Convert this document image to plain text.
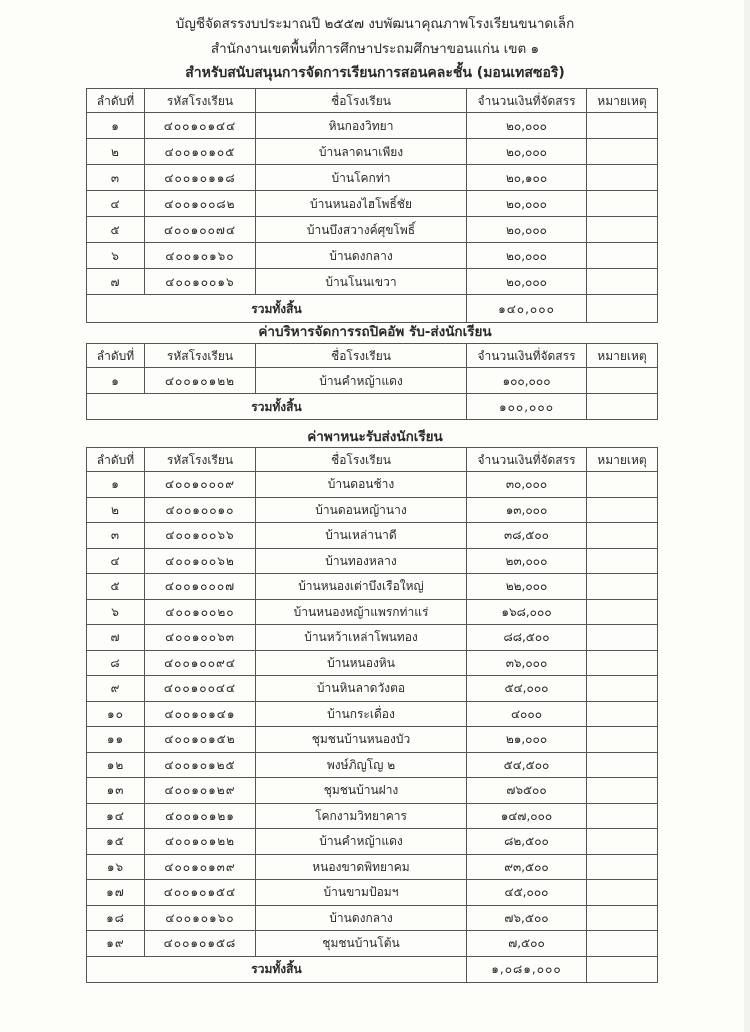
บัญชีจัดสรรงบประมาณปี ๒๕๕๗ งบพัฒนาคุณภาพโรงเรียนขนาดเล็ก
สำนักงานเขตพื้นที่การศึกษาประถมศึกษาขอนแก่น เขต ๑
สำหรับสนับสนุนการจัดการเรียนการสอนคละชั้น (มอนเทสซอริ)
ลำดับที่	รหัสโรงเรียน	ชื่อโรงเรียน	จำนวนเงินที่จัดสรร	หมายเหตุ
๑	๔๐๐๑๐๑๔๔	หินกองวิทยา	๒๐,๐๐๐	
๒	๔๐๐๑๐๑๐๕	บ้านลาดนาเพียง	๒๐,๐๐๐	
๓	๔๐๐๑๐๑๑๘	บ้านโคกท่า	๒๐,๑๐๐	
๔	๔๐๐๑๐๐๘๒	บ้านหนองไฮโพธิ์ชัย	๒๐,๐๐๐	
๕	๔๐๐๑๐๐๗๔	บ้านบึงสวางค์ศุขโพธิ์	๒๐,๐๐๐	
๖	๔๐๐๑๐๑๖๐	บ้านดงกลาง	๒๐,๐๐๐	
๗	๔๐๐๑๐๐๑๖	บ้านโนนเขวา	๒๐,๐๐๐	
รวมทั้งสิ้น			๑๔๐,๐๐๐	
ค่าบริหารจัดการรถปิคอัพ รับ-ส่งนักเรียน
ลำดับที่	รหัสโรงเรียน	ชื่อโรงเรียน	จำนวนเงินที่จัดสรร	หมายเหตุ
๑	๔๐๐๑๐๑๒๒	บ้านคำหญ้าแดง	๑๐๐,๐๐๐	
รวมทั้งสิ้น			๑๐๐,๐๐๐	
ค่าพาหนะรับส่งนักเรียน
ลำดับที่	รหัสโรงเรียน	ชื่อโรงเรียน	จำนวนเงินที่จัดสรร	หมายเหตุ
๑	๔๐๐๑๐๐๐๙	บ้านดอนช้าง	๓๐,๐๐๐	
๒	๔๐๐๑๐๐๑๐	บ้านดอนหญ้านาง	๑๓,๐๐๐	
๓	๔๐๐๑๐๐๖๖	บ้านเหล่านาดี	๓๘,๕๐๐	
๔	๔๐๐๑๐๐๖๒	บ้านทองหลาง	๒๓,๐๐๐	
๕	๔๐๐๑๐๐๐๗	บ้านหนองเต่าบึงเรือใหญ่	๒๒,๐๐๐	
๖	๔๐๐๑๐๐๒๐	บ้านหนองหญ้าแพรกท่าแร่	๑๖๘,๐๐๐	
๗	๔๐๐๑๐๐๖๓	บ้านหว้าเหล่าโพนทอง	๘๘,๕๐๐	
๘	๔๐๐๑๐๐๙๔	บ้านหนองหิน	๓๖,๐๐๐	
๙	๔๐๐๑๐๐๔๔	บ้านหินลาดวังตอ	๕๔,๐๐๐	
๑๐	๔๐๐๑๐๑๔๑	บ้านกระเดื่อง	๔๐๐๐	
๑๑	๔๐๐๑๐๑๕๒	ชุมชนบ้านหนองบัว	๒๑,๐๐๐	
๑๒	๔๐๐๑๐๑๒๕	พงษ์ภิญโญ ๒	๕๔,๕๐๐	
๑๓	๔๐๐๑๐๑๒๙	ชุมชนบ้านฝาง	๗๖๕๐๐	
๑๔	๔๐๐๑๐๑๒๑	โคกงามวิทยาคาร	๑๔๗,๐๐๐	
๑๕	๔๐๐๑๐๑๒๒	บ้านคำหญ้าแดง	๘๒,๕๐๐	
๑๖	๔๐๐๑๐๑๓๙	หนองขาดพิทยาคม	๙๓,๕๐๐	
๑๗	๔๐๐๑๐๑๕๔	บ้านขามป้อมฯ	๔๕,๐๐๐	
๑๘	๔๐๐๑๐๑๖๐	บ้านดงกลาง	๗๖,๕๐๐	
๑๙	๔๐๐๑๐๑๕๘	ชุมชนบ้านโต้น	๗,๕๐๐	
รวมทั้งสิ้น			๑,๐๘๑,๐๐๐	
